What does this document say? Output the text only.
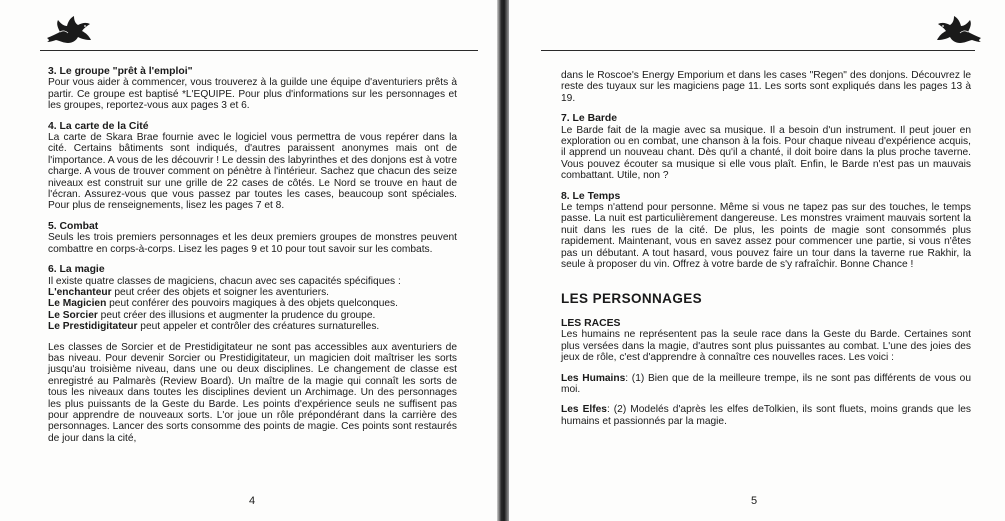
3. Le groupe "prêt à l'emploi"

Pour vous aider à commencer, vous trouverez à la guilde une équipe d'aventuriers prêts à partir. Ce groupe est baptisé *L'EQUIPE. Pour plus d'informations sur les personnages et les groupes, reportez-vous aux pages 3 et 6.

4. La carte de la Cité

La carte de Skara Brae fournie avec le logiciel vous permettra de vous repérer dans la cité. Certains bâtiments sont indiqués, d'autres paraissent anonymes mais ont de l'importance. A vous de les découvrir ! Le dessin des labyrinthes et des donjons est à votre charge. A vous de trouver comment on pénètre à l'intérieur. Sachez que chacun des seize niveaux est construit sur une grille de 22 cases de côtés. Le Nord se trouve en haut de l'écran. Assurez-vous que vous passez par toutes les cases, beaucoup sont spéciales. Pour plus de renseignements, lisez les pages 7 et 8.

5. Combat

Seuls les trois premiers personnages et les deux premiers groupes de monstres peuvent combattre en corps-à-corps. Lisez les pages 9 et 10 pour tout savoir sur les combats.

6. La magie

Il existe quatre classes de magiciens, chacun avec ses capacités spécifiques :

L'enchanteur peut créer des objets et soigner les aventuriers.
Le Magicien peut conférer des pouvoirs magiques à des objets quelconques.
Le Sorcier peut créer des illusions et augmenter la prudence du groupe.
Le Prestidigitateur peut appeler et contrôler des créatures surnaturelles.

Les classes de Sorcier et de Prestidigitateur ne sont pas accessibles aux aventuriers de bas niveau. Pour devenir Sorcier ou Prestidigitateur, un magicien doit maîtriser les sorts jusqu'au troisième niveau, dans une ou deux disciplines. Le changement de classe est enregistré au Palmarès (Review Board). Un maître de la magie qui connaît les sorts de tous les niveaux dans toutes les disciplines devient un Archimage. Un des personnages les plus puissants de la Geste du Barde. Les points d'expérience seuls ne suffisent pas pour apprendre de nouveaux sorts. L'or joue un rôle prépondérant dans la carrière des personnages. Lancer des sorts consomme des points de magie. Ces points sont restaurés de jour dans la cité,

4

dans le Roscoe's Energy Emporium et dans les cases "Regen" des donjons. Découvrez le reste des tuyaux sur les magiciens page 11. Les sorts sont expliqués dans les pages 13 à 19.

7. Le Barde

Le Barde fait de la magie avec sa musique. Il a besoin d'un instrument. Il peut jouer en exploration ou en combat, une chanson à la fois. Pour chaque niveau d'expérience acquis, il apprend un nouveau chant. Dès qu'il a chanté, il doit boire dans la plus proche taverne. Vous pouvez écouter sa musique si elle vous plaît. Enfin, le Barde n'est pas un mauvais combattant. Utile, non ?

8. Le Temps

Le temps n'attend pour personne. Même si vous ne tapez pas sur des touches, le temps passe. La nuit est particulièrement dangereuse. Les monstres vraiment mauvais sortent la nuit dans les rues de la cité. De plus, les points de magie sont consommés plus rapidement. Maintenant, vous en savez assez pour commencer une partie, si vous n'êtes pas un débutant. A tout hasard, vous pouvez faire un tour dans la taverne rue Rakhir, la seule à proposer du vin. Offrez à votre barde de s'y rafraîchir. Bonne Chance !

LES PERSONNAGES
LES RACES

Les humains ne représentent pas la seule race dans la Geste du Barde. Certaines sont plus versées dans la magie, d'autres sont plus puissantes au combat. L'une des joies des jeux de rôle, c'est d'apprendre à connaître ces nouvelles races. Les voici :

Les Humains: (1) Bien que de la meilleure trempe, ils ne sont pas différents de vous ou moi.

Les Elfes: (2) Modelés d'après les elfes deTolkien, ils sont fluets, moins grands que les humains et passionnés par la magie.

5
